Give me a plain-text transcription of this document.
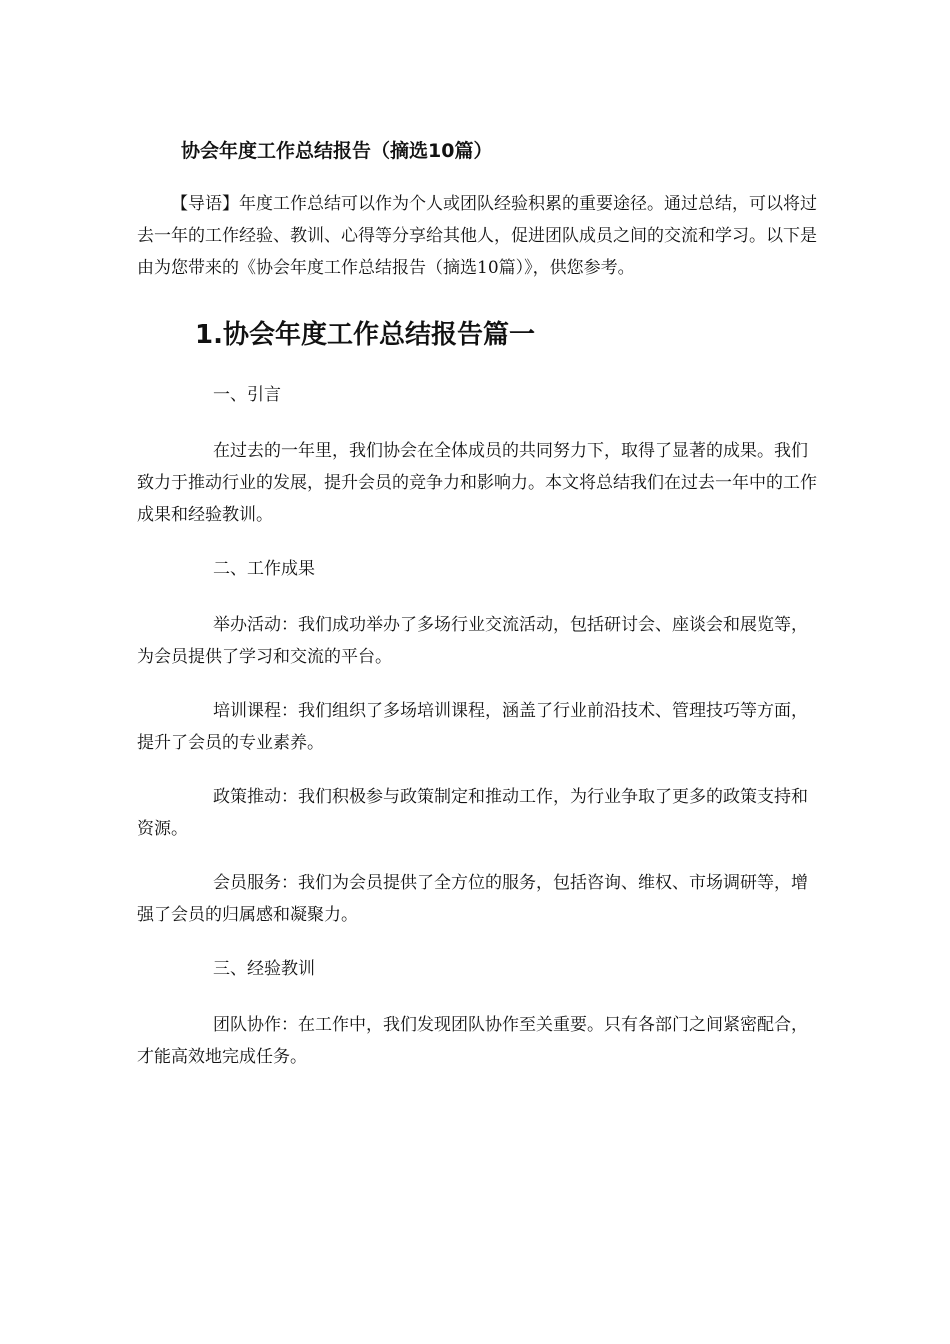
协会年度工作总结报告（摘选10篇）

【导语】年度工作总结可以作为个人或团队经验积累的重要途径。通过总结，可以将过去一年的工作经验、教训、心得等分享给其他人，促进团队成员之间的交流和学习。以下是由为您带来的《协会年度工作总结报告（摘选10篇）》，供您参考。

1.协会年度工作总结报告篇一

一、引言

在过去的一年里，我们协会在全体成员的共同努力下，取得了显著的成果。我们致力于推动行业的发展，提升会员的竞争力和影响力。本文将总结我们在过去一年中的工作成果和经验教训。

二、工作成果

举办活动：我们成功举办了多场行业交流活动，包括研讨会、座谈会和展览等，为会员提供了学习和交流的平台。

培训课程：我们组织了多场培训课程，涵盖了行业前沿技术、管理技巧等方面，提升了会员的专业素养。

政策推动：我们积极参与政策制定和推动工作，为行业争取了更多的政策支持和资源。

会员服务：我们为会员提供了全方位的服务，包括咨询、维权、市场调研等，增强了会员的归属感和凝聚力。

三、经验教训

团队协作：在工作中，我们发现团队协作至关重要。只有各部门之间紧密配合，才能高效地完成任务。
